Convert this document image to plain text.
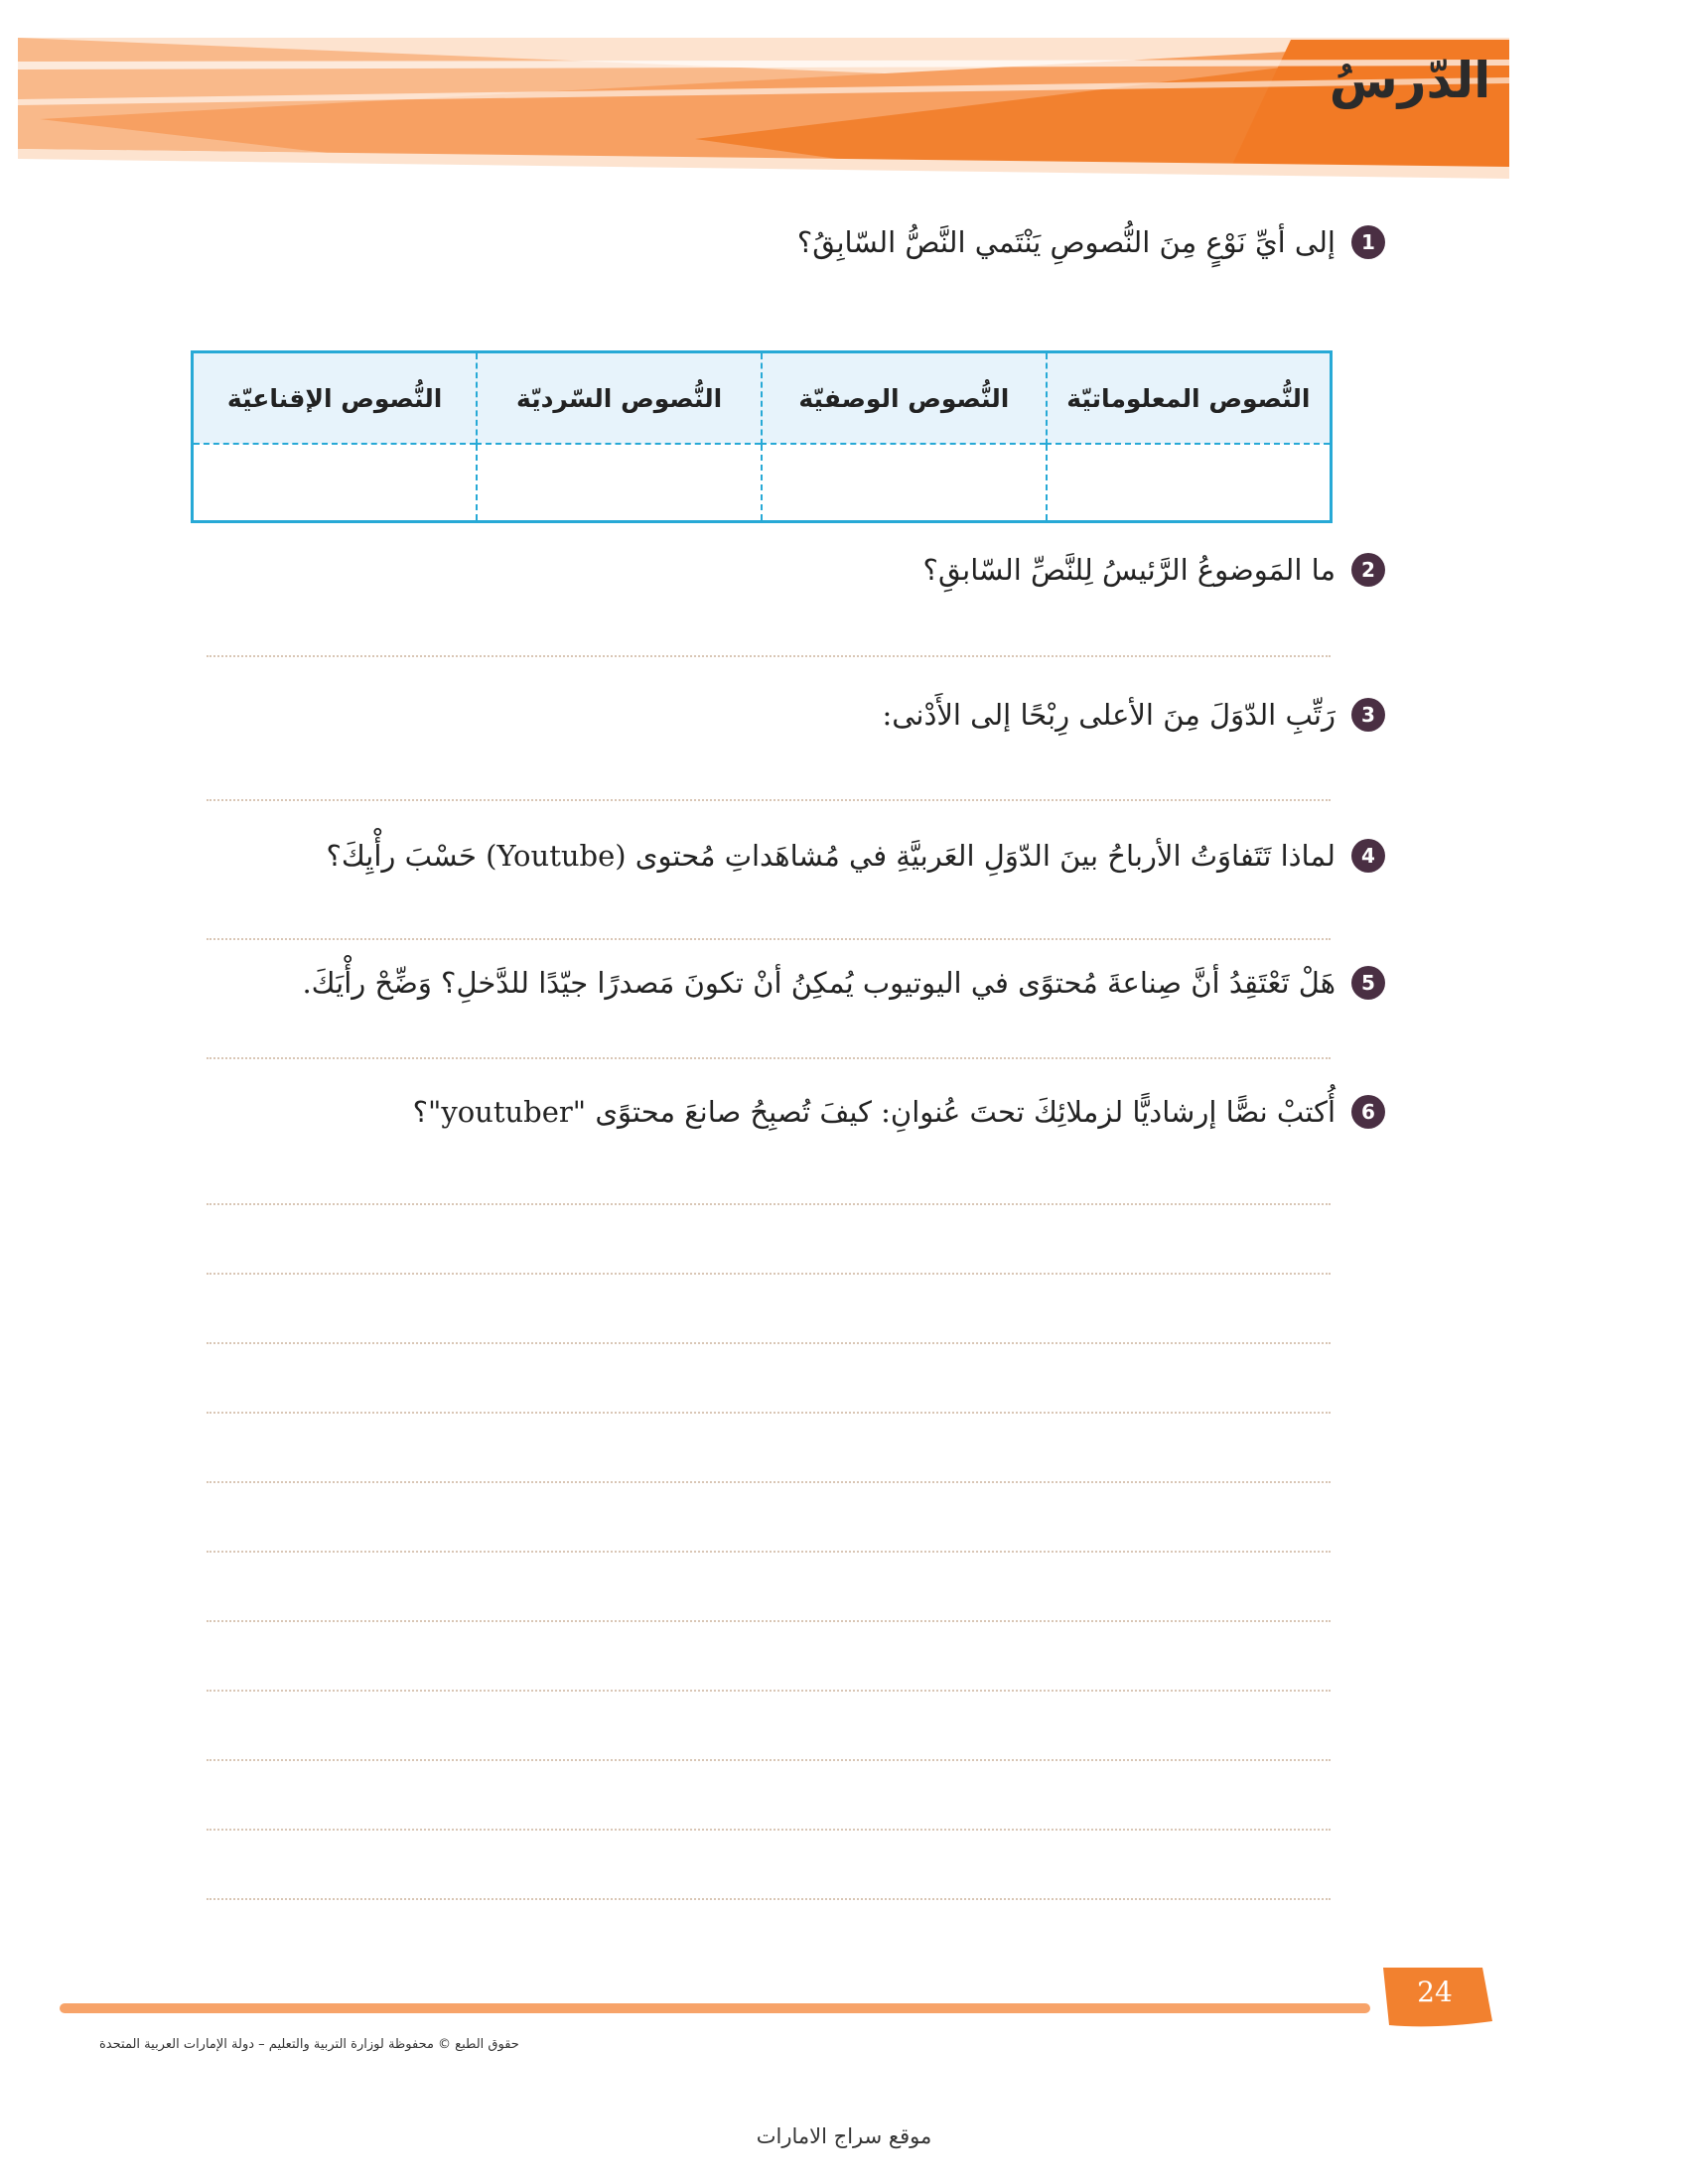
الدّرسُ
1
إلى أيِّ نَوْعٍ مِنَ النُّصوصِ يَنْتَمي النَّصُّ السّابِقُ؟
النُّصوص المعلوماتيّة	النُّصوص الوصفيّة	النُّصوص السّرديّة	النُّصوص الإقناعيّة

2
ما المَوضوعُ الرَّئيسُ لِلنَّصِّ السّابقِ؟
3
رَتِّبِ الدّوَلَ مِنَ الأعلى رِبْحًا إلى الأَدْنى:
4
لماذا تَتَفاوَتُ الأرباحُ بينَ الدّوَلِ العَربيَّةِ في مُشاهَداتِ مُحتوى (Youtube) حَسْبَ رأْيِكَ؟
5
هَلْ تَعْتَقِدُ أنَّ صِناعةَ مُحتوًى في اليوتيوب يُمكِنُ أنْ تكونَ مَصدرًا جيّدًا للدَّخلِ؟ وَضِّحْ رأْيَكَ.
6
أُكتبْ نصًّا إرشاديًّا لزملائِكَ تحتَ عُنوانِ: كيفَ تُصبِحُ صانعَ محتوًى "youtuber"؟
24
حقوق الطبع © محفوظة لوزارة التربية والتعليم – دولة الإمارات العربية المتحدة
موقع سراج الامارات
